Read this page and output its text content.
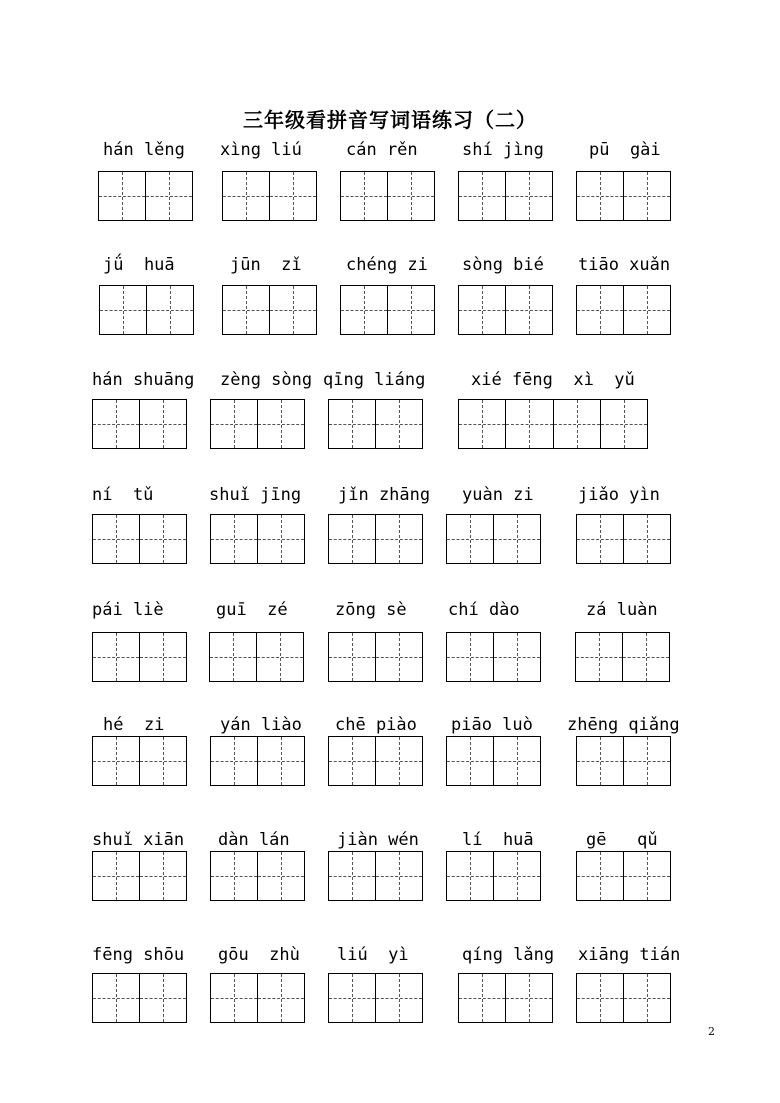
三年级看拼音写词语练习（二）
hán lěng xìng liú	cán rěn	shí jìng	pū  gài
jǘ  huā	jūn  zǐ	chéng zi sòng bié tiāo xuǎn
hán shuāng zèng sòng qīng liáng	xié fēng  xì  yǔ
ní  tǔ	shuǐ jīng jǐn zhāng yuàn zi	jiǎo yìn
pái liè	guī  zé	zōng sè chí dào	zá luàn
hé  zi	yán liào chē piào piāo luò zhēng qiǎng
shuǐ xiān dàn lán	jiàn wén	lí  huā	gē   qǔ
fēng shōu gōu  zhù liú  yì	qíng lǎng xiāng tián
2
